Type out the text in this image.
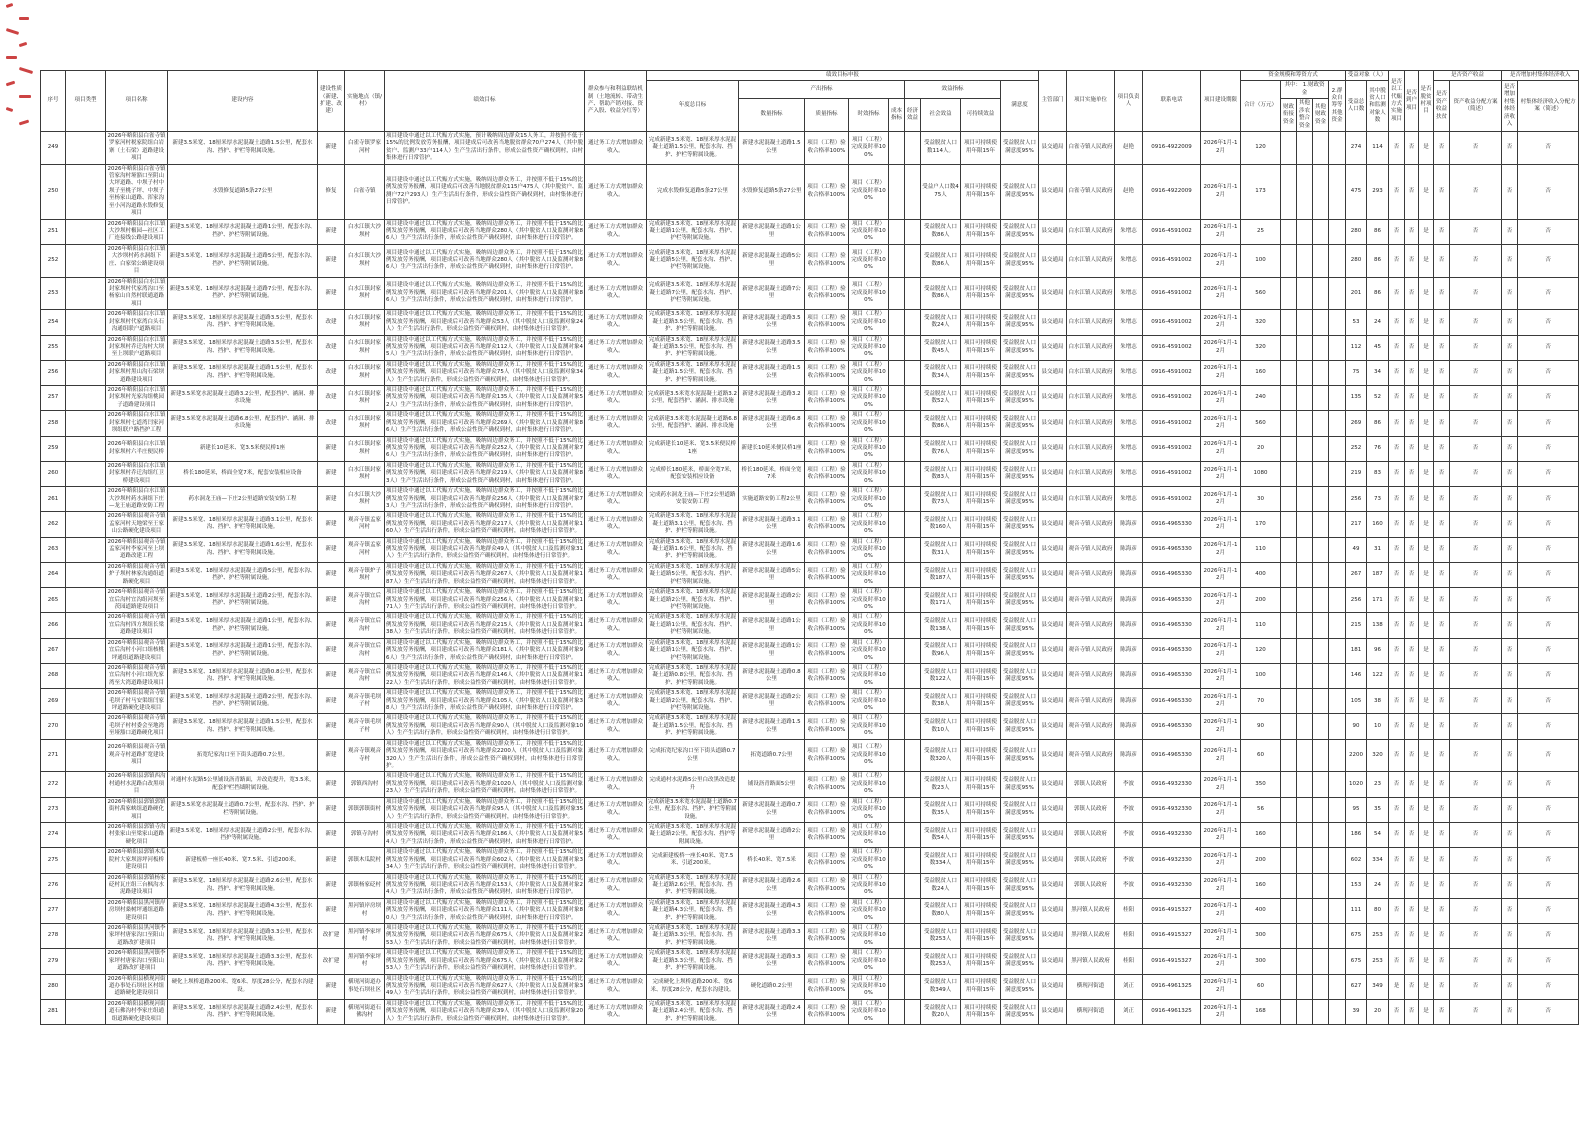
序号	项目类型	项目名称	建设内容	建设性质（新建、扩建、改建）	实施地点（镇/村）	绩效目标	群众参与和利益联结机制（土地流转、带动生产、帮助产销对接、资产入股、收益分红等）	绩效目标申报									主管部门	项目实施单位	项目负责人	联系电话	项目建设期限	资金规模和筹资方式					受益对象（人）		是否以工代赈方式实施项目	是否到户项目	是否脱贫村项目	是否资产收益		是否增加村集体经济收入	
								年度总目标	产出指标				效益指标			满意度						合计（万元）	其中： 1.财政资金			2.群众自筹等其他资金	受益总人口数	其中脱贫人口和监测对象人数				是否资产收益扶贫	资产收益分配方案（简述）	是否增加村集体经济收入	村集体经济收入分配方案（简述）
									数量指标	质量指标	时效指标	成本指标	经济效益	社会效益	可持续效益								财政衔接资金	其他涉农整合资金	其他财政资金										
249		2026年略阳县白雀寺镇罗家河村税家院组白岩寨（土石梁）道路建设项目	新建3.5米宽、18厘米厚水泥混凝土道路1.5公里，配套水沟、挡护、护栏等附属设施。	新建	白雀寺镇罗家河村	项目建设中通过以工代赈方式实施，预计吸纳周边群众15人务工，并按照不低于15%的比例发放劳务报酬，项目建成后可改善当地脱贫群众70户274人（其中脱贫户、监测户33户114人）生产生活出行条件，形成公益性资产确权到村，由村集体进行日常管护。	通过务工方式增加群众收入。	完成新建3.5米宽、18厘米厚水泥混凝土道路1.5公里，配套水沟、挡护、护栏等附属设施。	新建水泥混凝土道路1.5公里	项目（工程）验收合格率100%	项目（工程）完成及时率100%			受益脱贫人口数114人。	项目可持续使用年限15年	受益脱贫人口满意度95%	县交通局	白雀寺镇人民政府	赵艳	0916-4922009	2026年1月-12月	120					274	114	否	否	是	否	否	否	否
250		2026年略阳县白雀寺镇管家沟村垭豁口至阴山大坪道路、中坝子村中坝子至桃子坪、中坝子至杨家山道路、浑家沟至小河沟道路水毁修复项目	水毁修复道路5条27公里	修复	白雀寺镇	项目建设中通过以工代赈方式实施，吸纳周边群众务工，并按照不低于15%的比例发放劳务报酬，项目建成后可改善当地脱贫群众115户475人（其中脱贫户、监测户72户293人）生产生活出行条件，形成公益性资产确权到村，由村集体进行日常管护。	通过务工方式增加群众收入。	完成水毁修复道路5条27公里	水毁修复道路5条27公里	项目（工程）验收合格率100%	项目（工程）完成及时率100%			受益户人口数475人	项目可持续使用年限15年	受益脱贫人口满意度95%	县交通局	白雀寺镇人民政府	赵艳	0916-4922009	2026年1月-12月	173					475	293	否	否	是	否	否	否	否
251		2026年略阳县白水江镇大沙坝村椒园—社区工厂连接线公路建设项目	新建3.5米宽、18厘米厚水泥混凝土道路1公里，配套水沟、挡护、护栏等附属设施。	新建	白水江镇大沙坝村	项目建设中通过以工代赈方式实施，吸纳周边群众务工，并按照不低于15%的比例发放劳务报酬，项目建成后可改善当地群众280人（其中脱贫人口及监测对象86人）生产生活出行条件，形成公益性资产确权到村，由村集体进行日常管护。	通过务工方式增加群众收入。	完成新建3.5米宽、18厘米厚水泥混凝土道路1公里，配套水沟、挡护、护栏等附属设施。	新建水泥混凝土道路1公里	项目（工程）验收合格率100%	项目（工程）完成及时率100%			受益脱贫人口数86人	项目可持续使用年限15年	受益脱贫人口满意度95%	县交通局	白水江镇人民政府	朱增志	0916-4591002	2026年1月-12月	25					280	86	否	否	是	否	否	否	否
252		2026年略阳县白水江镇大沙坝村药水洞组下庄、白家梁公路建设项目	新建3.5米宽、18厘米厚水泥混凝土道路5公里，配套水沟、挡护、护栏等附属设施。	新建	白水江镇大沙坝村	项目建设中通过以工代赈方式实施，吸纳周边群众务工，并按照不低于15%的比例发放劳务报酬，项目建成后可改善当地群众280人（其中脱贫人口及监测对象86人）生产生活出行条件，形成公益性资产确权到村，由村集体进行日常管护。	通过务工方式增加群众收入。	完成新建3.5米宽、18厘米厚水泥混凝土道路5公里，配套水沟、挡护、护栏等附属设施。	新建水泥混凝土道路5公里	项目（工程）验收合格率100%	项目（工程）完成及时率100%			受益脱贫人口数86人	项目可持续使用年限15年	受益脱贫人口满意度95%	县交通局	白水江镇人民政府	朱增志	0916-4591002	2026年1月-12月	100					280	86	否	否	是	否	否	否	否
253		2026年略阳县白水江镇封家坝村代家湾沟口至杨家山自然村联通道路项目	新建3.5米宽、18厘米厚水泥混凝土道路7公里，配套水沟、挡护、护栏等附属设施。	新建	白水江镇封家坝村	项目建设中通过以工代赈方式实施，吸纳周边群众务工，并按照不低于15%的比例发放劳务报酬，项目建成后可改善当地群众201人（其中脱贫人口及监测对象86人）生产生活出行条件，形成公益性资产确权到村，由村集体进行日常管护。	通过务工方式增加群众收入。	完成新建3.5米宽、18厘米厚水泥混凝土道路7公里，配套水沟、挡护、护栏等附属设施。	新建水泥混凝土道路7公里	项目（工程）验收合格率100%	项目（工程）完成及时率100%			受益脱贫人口数86人	项目可持续使用年限15年	受益脱贫人口满意度95%	县交通局	白水江镇人民政府	朱增志	0916-4591002	2026年1月-12月	560					201	86	否	否	是	否	否	否	否
254		2026年略阳县白水江镇封家坝村代家湾白头石沟通组联户道路项目	新建3.5米宽、18厘米厚水泥混凝土道路3.5公里，配套水沟、挡护、护栏等附属设施。	改建	白水江镇封家坝村	项目建设中通过以工代赈方式实施，吸纳周边群众务工，并按照不低于15%的比例发放劳务报酬，项目建成后可改善当地群众53人（其中脱贫人口及监测对象24人）生产生活出行条件，形成公益性资产确权到村，由村集体进行日常管护。	通过务工方式增加群众收入。	完成新建3.5米宽、18厘米厚水泥混凝土道路3.5公里，配套水沟、挡护、护栏等附属设施。	新建水泥混凝土道路3.5公里	项目（工程）验收合格率100%	项目（工程）完成及时率100%			受益脱贫人口数24人	项目可持续使用年限15年	受益脱贫人口满意度95%	县交通局	白水江镇人民政府	朱增志	0916-4591002	2026年1月-12月	320					53	24	否	否	是	否	否	否	否
255		2026年略阳县白水江镇封家坝村乔迁沟村大坝至上坝联户道路项目	新建3.5米宽、18厘米厚水泥混凝土道路3.5公里，配套水沟、挡护、护栏等附属设施。	改建	白水江镇封家坝村	项目建设中通过以工代赈方式实施，吸纳周边群众务工，并按照不低于15%的比例发放劳务报酬，项目建成后可改善当地群众112人（其中脱贫人口及监测对象45人）生产生活出行条件，形成公益性资产确权到村，由村集体进行日常管护。	通过务工方式增加群众收入。	完成新建3.5米宽、18厘米厚水泥混凝土道路3.5公里，配套水沟、挡护、护栏等附属设施。	新建水泥混凝土道路3.5公里	项目（工程）验收合格率100%	项目（工程）完成及时率100%			受益脱贫人口数45人	项目可持续使用年限15年	受益脱贫人口满意度95%	县交通局	白水江镇人民政府	朱增志	0916-4591002	2026年1月-12月	320					112	45	否	否	是	否	否	否	否
256		2026年略阳县白水江镇封家坝村黑山沟石梁坝道路建设项目	新建3.5米宽、18厘米厚水泥混凝土道路1.5公里，配套水沟、挡护、护栏等附属设施。	改建	白水江镇封家坝村	项目建设中通过以工代赈方式实施，吸纳周边群众务工，并按照不低于15%的比例发放劳务报酬，项目建成后可改善当地群众75人（其中脱贫人口及监测对象34人）生产生活出行条件，形成公益性资产确权到村，由村集体进行日常管护。	通过务工方式增加群众收入。	完成新建3.5米宽、18厘米厚水泥混凝土道路1.5公里，配套水沟、挡护、护栏等附属设施。	新建水泥混凝土道路1.5公里	项目（工程）验收合格率100%	项目（工程）完成及时率100%			受益脱贫人口数34人	项目可持续使用年限15年	受益脱贫人口满意度95%	县交通局	白水江镇人民政府	朱增志	0916-4591002	2026年1月-12月	160					75	34	否	否	是	否	否	否	否
257		2026年略阳县白水江镇封家坝村光家沟组桃园子道路建设项目	新建3.5米宽水泥混凝土道路3.2公里，配套挡护、涵洞、排水设施	改建	白水江镇封家坝村	项目建设中通过以工代赈方式实施，吸纳周边群众务工，并按照不低于15%的比例发放劳务报酬，项目建成后可改善当地群众135人（其中脱贫人口及监测对象52人）生产生活出行条件，形成公益性资产确权到村，由村集体进行日常管护。	通过务工方式增加群众收入。	完成新建3.5米宽水泥混凝土道路3.2公里，配套挡护、涵洞、排水设施	新建水泥混凝土道路3.2公里	项目（工程）验收合格率100%	项目（工程）完成及时率100%			受益脱贫人口数52人	项目可持续使用年限15年	受益脱贫人口满意度95%	县交通局	白水江镇人民政府	朱增志	0916-4591002	2026年1月-12月	240					135	52	否	否	是	否	否	否	否
258		2026年略阳县白水江镇封家坝村七道湾闫家河坝组联户路挡护工程	新建3.5米宽水泥混凝土道路6.8公里，配套挡护、涵洞、排水设施	改建	白水江镇封家坝村	项目建设中通过以工代赈方式实施，吸纳周边群众务工，并按照不低于15%的比例发放劳务报酬，项目建成后可改善当地群众269人（其中脱贫人口及监测对象86人）生产生活出行条件，形成公益性资产确权到村，由村集体进行日常管护。	通过务工方式增加群众收入。	完成新建3.5米宽水泥混凝土道路6.8公里，配套挡护、涵洞、排水设施	新建水泥混凝土道路6.8公里	项目（工程）验收合格率100%	项目（工程）完成及时率100%			受益脱贫人口数86人	项目可持续使用年限15年	受益脱贫人口满意度95%	县交通局	白水江镇人民政府	朱增志	0916-4591002	2026年1月-12月	560					269	86	否	否	是	否	否	否	否
259		2026年略阳县白水江镇封家坝村六半庄便民桥	新建长10延米、宽3.5米便民桥1座	新建	白水江镇封家坝村	项目建设中通过以工代赈方式实施，吸纳周边群众务工，并按照不低于15%的比例发放劳务报酬，项目建成后可改善当地群众252人（其中脱贫人口及监测对象76人）生产生活出行条件，形成公益性资产确权到村，由村集体进行日常管护。	通过务工方式增加群众收入。	完成新建长10延米、宽3.5米便民桥1座	新建长10延米便民桥1座	项目（工程）验收合格率100%	项目（工程）完成及时率100%			受益脱贫人口数76人	项目可持续使用年限15年	受益脱贫人口满意度95%	县交通局	白水江镇人民政府	朱增志	0916-4591002	2026年1月-12月	20					252	76	否	否	是	否	否	否	否
260		2026年略阳县白水江镇封家坝村乔迁沟组红卫桥建设项目	桥长180延米，桥面全宽7米，配套安装相应设备	新建	白水江镇封家坝村	项目建设中通过以工代赈方式实施，吸纳周边群众务工，并按照不低于15%的比例发放劳务报酬，项目建成后可改善当地群众219人（其中脱贫人口及监测对象83人）生产生活出行条件，形成公益性资产确权到村，由村集体进行日常管护。	通过务工方式增加群众收入。	完成桥长180延米，桥面全宽7米，配套安装相应设备	桥长180延米，桥面全宽7米	项目（工程）验收合格率100%	项目（工程）完成及时率100%			受益脱贫人口数83人	项目可持续使用年限15年	受益脱贫人口满意度95%	县交通局	白水江镇人民政府	朱增志	0916-4591002	2026年1月-12月	1080					219	83	否	否	是	否	否	否	否
261		2026年略阳县白水江镇大沙坝村药水洞组下庄—龙王庙道路安防工程	药水洞龙王庙—下庄2公里道路安装安防工程	新建	白水江镇大沙坝村	项目建设中通过以工代赈方式实施，吸纳周边群众务工，并按照不低于15%的比例发放劳务报酬，项目建成后可改善当地群众256人（其中脱贫人口及监测对象73人）生产生活出行条件，形成公益性资产确权到村，由村集体进行日常管护。	通过务工方式增加群众收入。	完成药水洞龙王庙—下庄2公里道路安装安防工程	实施道路安防工程2公里	项目（工程）验收合格率100%	项目（工程）完成及时率100%			受益脱贫人口数73人	项目可持续使用年限15年	受益脱贫人口满意度95%	县交通局	白水江镇人民政府	朱增志	0916-4591002	2026年1月-12月	30					256	73	否	否	是	否	否	否	否
262		2026年略阳县观音寺镇孟家河村天地梁至王家山公路硬化建设项目	新建3.5米宽、18厘米厚水泥混凝土道路3.1公里，配套水沟、挡护、护栏等附属设施。	新建	观音寺镇孟家河村	项目建设中通过以工代赈方式实施，吸纳周边群众务工，并按照不低于15%的比例发放劳务报酬，项目建成后可改善当地群众217人（其中脱贫人口及监测对象160人）生产生活出行条件，形成公益性资产确权到村，由村集体进行日常管护。	通过务工方式增加群众收入。	完成新建3.5米宽、18厘米厚水泥混凝土道路3.1公里，配套水沟、挡护、护栏等附属设施。	新建水泥混凝土道路3.1公里	项目（工程）验收合格率100%	项目（工程）完成及时率100%			受益脱贫人口数160人	项目可持续使用年限15年	受益脱贫人口满意度95%	县交通局	观音寺镇人民政府	陈海彦	0916-4965330	2026年1月-12月	170					217	160	否	否	是	否	否	否	否
263		2026年略阳县观音寺镇孟家河村李家河至上坝道路改建工程	新建3.5米宽、18厘米厚水泥混凝土道路1.6公里，配套水沟、挡护、护栏等附属设施。	新建	观音寺镇孟家河村	项目建设中通过以工代赈方式实施，吸纳周边群众务工，并按照不低于15%的比例发放劳务报酬，项目建成后可改善当地群众49人（其中脱贫人口及监测对象31人）生产生活出行条件，形成公益性资产确权到村，由村集体进行日常管护。	通过务工方式增加群众收入。	完成新建3.5米宽、18厘米厚水泥混凝土道路1.6公里，配套水沟、挡护、护栏等附属设施。	新建水泥混凝土道路1.6公里	项目（工程）验收合格率100%	项目（工程）完成及时率100%			受益脱贫人口数31人	项目可持续使用年限15年	受益脱贫人口满意度95%	县交通局	观音寺镇人民政府	陈海彦	0916-4965330	2026年1月-12月	110					49	31	否	否	是	否	否	否	否
264		2026年略阳县观音寺镇炉子坝村林家沟通组道路硬化项目	新建3.5米宽、18厘米厚水泥混凝土道路5公里，配套水沟、挡护、护栏等附属设施。	新建	观音寺镇炉子坝村	项目建设中通过以工代赈方式实施，吸纳周边群众务工，并按照不低于15%的比例发放劳务报酬，项目建成后可改善当地群众267人（其中脱贫人口及监测对象187人）生产生活出行条件，形成公益性资产确权到村，由村集体进行日常管护。	通过务工方式增加群众收入。	完成新建3.5米宽、18厘米厚水泥混凝土道路5公里，配套水沟、挡护、护栏等附属设施。	新建水泥混凝土道路5公里	项目（工程）验收合格率100%	项目（工程）完成及时率100%			受益脱贫人口数187人	项目可持续使用年限15年	受益脱贫人口满意度95%	县交通局	观音寺镇人民政府	陈海彦	0916-4965330	2026年1月-12月	400					267	187	否	否	是	否	否	否	否
265		2026年略阳县观音寺镇宜后沟村宜沟组河坝至茨园道路建设项目	新建3.5米宽、18厘米厚水泥混凝土道路2公里，配套水沟、挡护、护栏等附属设施。	新建	观音寺镇宜后沟村	项目建设中通过以工代赈方式实施，吸纳周边群众务工，并按照不低于15%的比例发放劳务报酬，项目建成后可改善当地群众256人（其中脱贫人口及监测对象171人）生产生活出行条件，形成公益性资产确权到村，由村集体进行日常管护。	通过务工方式增加群众收入。	完成新建3.5米宽、18厘米厚水泥混凝土道路2公里，配套水沟、挡护、护栏等附属设施。	新建水泥混凝土道路2公里	项目（工程）验收合格率100%	项目（工程）完成及时率100%			受益脱贫人口数171人	项目可持续使用年限15年	受益脱贫人口满意度95%	县交通局	观音寺镇人民政府	陈海彦	0916-4965330	2026年1月-12月	200					256	171	否	否	是	否	否	否	否
266		2026年略阳县观音寺镇宜后沟村四方坝组长梁道路建设项目	新建3.5米宽、18厘米厚水泥混凝土道路1公里，配套水沟、挡护、护栏等附属设施。	新建	观音寺镇宜后沟村	项目建设中通过以工代赈方式实施，吸纳周边群众务工，并按照不低于15%的比例发放劳务报酬，项目建成后可改善当地群众215人（其中脱贫人口及监测对象138人）生产生活出行条件，形成公益性资产确权到村，由村集体进行日常管护。	通过务工方式增加群众收入。	完成新建3.5米宽、18厘米厚水泥混凝土道路1公里，配套水沟、挡护、护栏等附属设施。	新建水泥混凝土道路1公里	项目（工程）验收合格率100%	项目（工程）完成及时率100%			受益脱贫人口数138人	项目可持续使用年限15年	受益脱贫人口满意度95%	县交通局	观音寺镇人民政府	陈海彦	0916-4965330	2026年1月-12月	110					215	138	否	否	是	否	否	否	否
267		2026年略阳县观音寺镇宜后沟村小河口组核桃坪通组道路建设项目	新建3.5米宽、18厘米厚水泥混凝土道路1公里，配套水沟、挡护、护栏等附属设施。	新建	观音寺镇宜后沟村	项目建设中通过以工代赈方式实施，吸纳周边群众务工，并按照不低于15%的比例发放劳务报酬，项目建成后可改善当地群众181人（其中脱贫人口及监测对象96人）生产生活出行条件，形成公益性资产确权到村，由村集体进行日常管护。	通过务工方式增加群众收入。	完成新建3.5米宽、18厘米厚水泥混凝土道路1公里，配套水沟、挡护、护栏等附属设施。	新建水泥混凝土道路1公里	项目（工程）验收合格率100%	项目（工程）完成及时率100%			受益脱贫人口数96人	项目可持续使用年限15年	受益脱贫人口满意度95%	县交通局	观音寺镇人民政府	陈海彦	0916-4965330	2026年1月-12月	120					181	96	否	否	是	否	否	否	否
268		2026年略阳县观音寺镇宜后沟村小河口组先家湾至大湾道路建设项目	新建3.5米宽、18厘米厚水泥混凝土道路0.8公里，配套水沟、挡护、护栏等附属设施。	新建	观音寺镇宜后沟村	项目建设中通过以工代赈方式实施，吸纳周边群众务工，并按照不低于15%的比例发放劳务报酬，项目建成后可改善当地群众146人（其中脱贫人口及监测对象122人）生产生活出行条件，形成公益性资产确权到村，由村集体进行日常管护。	通过务工方式增加群众收入。	完成新建3.5米宽、18厘米厚水泥混凝土道路0.8公里，配套水沟、挡护、护栏等附属设施。	新建水泥混凝土道路0.8公里	项目（工程）验收合格率100%	项目（工程）完成及时率100%			受益脱贫人口数122人	项目可持续使用年限15年	受益脱贫人口满意度95%	县交通局	观音寺镇人民政府	陈海彦	0916-4965330	2026年1月-12月	100					146	122	否	否	是	否	否	否	否
269		2026年略阳县观音寺镇毛坝子村马安渠组闫家坪道路硬化建设项目	新建3.5米宽、18厘米厚水泥混凝土道路2公里，配套水沟、挡护、护栏等附属设施。	新建	观音寺镇毛坝子村	项目建设中通过以工代赈方式实施，吸纳周边群众务工，并按照不低于15%的比例发放劳务报酬，项目建成后可改善当地群众105人（其中脱贫人口及监测对象38人）生产生活出行条件，形成公益性资产确权到村，由村集体进行日常管护。	通过务工方式增加群众收入。	完成新建3.5米宽、18厘米厚水泥混凝土道路2公里，配套水沟、挡护、护栏等附属设施。	新建水泥混凝土道路2公里	项目（工程）验收合格率100%	项目（工程）完成及时率100%			受益脱贫人口数38人	项目可持续使用年限15年	受益脱贫人口满意度95%	县交通局	观音寺镇人民政府	陈海彦	0916-4965330	2026年1月-12月	70					105	38	否	否	是	否	否	否	否
270		2026年略阳县观音寺镇毛坝子村村委会至地湾至垭豁口道路硬化项目	新建3.5米宽、18厘米厚水泥混凝土道路1.5公里，配套水沟、挡护、护栏等附属设施。	新建	观音寺镇毛坝子村	项目建设中通过以工代赈方式实施，吸纳周边群众务工，并按照不低于15%的比例发放劳务报酬，项目建成后可改善当地群众90人（其中脱贫人口及监测对象10人）生产生活出行条件，形成公益性资产确权到村，由村集体进行日常管护。	通过务工方式增加群众收入。	完成新建3.5米宽、18厘米厚水泥混凝土道路1.5公里，配套水沟、挡护、护栏等附属设施。	新建水泥混凝土道路1.5公里	项目（工程）验收合格率100%	项目（工程）完成及时率100%			受益脱贫人口数10人	项目可持续使用年限15年	受益脱贫人口满意度95%	县交通局	观音寺镇人民政府	陈海彦	0916-4965330	2026年1月-12月	90					90	10	否	否	是	否	否	否	否
271		2026年略阳县观音寺镇观音寺村道路扩宽建设项目	拓宽纪家沟口至下街头道路0.7公里。	新建	观音寺镇观音寺村	项目建设中通过以工代赈方式实施，吸纳周边群众务工，并按照不低于15%的比例发放劳务报酬，项目建成后可改善当地群众2200人（其中脱贫人口及监测对象320人）生产生活出行条件，形成公益性资产确权到村，由村集体进行日常管护。	通过务工方式增加群众收入。	完成拓宽纪家沟口至下街头道路0.7公里	拓宽道路0.7公里	项目（工程）验收合格率100%	项目（工程）完成及时率100%			受益脱贫人口数320人	项目可持续使用年限15年	受益脱贫人口满意度95%	县交通局	观音寺镇人民政府	陈海彦	0916-4965330	2026年1月-12月	60					2200	320	否	否	是	否	否	否	否
272		2026年略阳县郭镇西沟村通村水泥路白改黑项目	对通村水泥路5公里铺设沥青路面，并改造提升，宽3.5米，配套护栏挡墙附属设施。	新建	郭镇西沟村	项目建设中通过以工代赈方式实施，吸纳周边群众务工，并按照不低于15%的比例发放劳务报酬，项目建成后可改善当地群众1020人（其中脱贫人口及监测对象23人）生产生活出行条件，形成公益性资产确权到村，由村集体进行日常管护。	通过务工方式增加群众收入。	完成通村水泥路5公里白改黑改造提升	铺设沥青路面5公里	项目（工程）验收合格率100%	项目（工程）完成及时率100%			受益脱贫人口数23人	项目可持续使用年限15年	受益脱贫人口满意度95%	县交通局	郭镇人民政府	李波	0916-4932330	2026年1月-12月	350					1020	23	否	否	是	否	否	否	否
273		2026年略阳县郭镇郭镇街村禹家峡组道路硬化项目	新建3.5米宽水泥混凝土道路0.7公里，配套水沟、挡护、护栏等附属设施。	新建	郭镇郭镇街村	项目建设中通过以工代赈方式实施，吸纳周边群众务工，并按照不低于15%的比例发放劳务报酬，项目建成后可改善当地群众95人（其中脱贫人口及监测对象35人）生产生活出行条件，形成公益性资产确权到村，由村集体进行日常管护。	通过务工方式增加群众收入。	完成新建3.5米宽水泥混凝土道路0.7公里，配套水沟、挡护、护栏等附属设施。	新建水泥混凝土道路0.7公里	项目（工程）验收合格率100%	项目（工程）完成及时率100%			受益脱贫人口数35人	项目可持续使用年限15年	受益脱贫人口满意度95%	县交通局	郭镇人民政府	李波	0916-4932330	2026年1月-12月	56					95	35	否	否	是	否	否	否	否
274		2026年略阳县郭镇寺沟村张家山至梁家山道路硬化项目	新建3.5米宽、18厘米厚水泥混凝土道路2公里，配套水沟、挡护等附属设施。	新建	郭镇寺沟村	项目建设中通过以工代赈方式实施，吸纳周边群众务工，并按照不低于15%的比例发放劳务报酬，项目建成后可改善当地群众186人（其中脱贫人口及监测对象54人）生产生活出行条件，形成公益性资产确权到村，由村集体进行日常管护。	通过务工方式增加群众收入。	完成新建3.5米宽、18厘米厚水泥混凝土道路2公里，配套水沟、挡护等附属设施。	新建水泥混凝土道路2公里	项目（工程）验收合格率100%	项目（工程）完成及时率100%			受益脱贫人口数54人	项目可持续使用年限15年	受益脱贫人口满意度95%	县交通局	郭镇人民政府	李波	0916-4932330	2026年1月-12月	160					186	54	否	否	是	否	否	否	否
275		2026年略阳县郭镇木瓜院村大家坝溶坪河板桥建设项目	新建板桥一座长40米、宽7.5米、引道200米。	新建	郭镇木瓜院村	项目建设中通过以工代赈方式实施，吸纳周边群众务工，并按照不低于15%的比例发放劳务报酬，项目建成后可改善当地群众602人（其中脱贫人口及监测对象334人）生产生活出行条件，形成公益性资产确权到村，由村集体进行日常管护。	通过务工方式增加群众收入。	完成新建板桥一座长40米、宽7.5米、引道200米。	桥长40米、宽7.5米	项目（工程）验收合格率100%	项目（工程）完成及时率100%			受益脱贫人口数334人	项目可持续使用年限15年	受益脱贫人口满意度95%	县交通局	郭镇人民政府	李波	0916-4932330	2026年1月-12月	200					602	334	否	否	是	否	否	否	否
276		2026年略阳县郭镇杨家砭村瓦庄组三台枫沟水泥路建设项目	新建3.5米宽、18厘米厚水泥混凝土道路2.6公里，配套水沟、挡护、护栏等附属设施。	新建	郭镇杨家砭村	项目建设中通过以工代赈方式实施，吸纳周边群众务工，并按照不低于15%的比例发放劳务报酬，项目建成后可改善当地群众153人（其中脱贫人口及监测对象24人）生产生活出行条件，形成公益性资产确权到村，由村集体进行日常管护。	通过务工方式增加群众收入。	完成新建3.5米宽、18厘米厚水泥混凝土道路2.6公里，配套水沟、挡护、护栏等附属设施。	新建水泥混凝土道路2.6公里	项目（工程）验收合格率100%	项目（工程）完成及时率100%			受益脱贫人口数24人	项目可持续使用年限15年	受益脱贫人口满意度95%	县交通局	郭镇人民政府	李波	0916-4932330	2026年1月-12月	160					153	24	否	否	是	否	否	否	否
277		2026年略阳县黑河镇岸房坝村桑树坪通组道路建设项目	新建3.5米宽、18厘米厚水泥混凝土道路4.3公里，配套水沟、挡护、护栏等附属设施。	新建	黑河镇岸房坝村	项目建设中通过以工代赈方式实施，吸纳周边群众务工，并按照不低于15%的比例发放劳务报酬，项目建成后可改善当地群众111人（其中脱贫人口及监测对象80人）生产生活出行条件，形成公益性资产确权到村，由村集体进行日常管护。	通过务工方式增加群众收入。	完成新建3.5米宽、18厘米厚水泥混凝土道路4.3公里，配套水沟、挡护、护栏等附属设施。	新建水泥混凝土道路4.3公里	项目（工程）验收合格率100%	项目（工程）完成及时率100%			受益脱贫人口数80人	项目可持续使用年限15年	受益脱贫人口满意度95%	县交通局	黑河镇人民政府	桂阳	0916-4915327	2026年1月-12月	400					111	80	否	否	是	否	否	否	否
278		2026年略阳县黑河镇李家坪村唐家沟口至阳山道路改扩建项目	新建3.5米宽、18厘米厚水泥混凝土道路3.3公里，配套水沟、挡护、护栏等附属设施。	改扩建	黑河镇李家坪村	项目建设中通过以工代赈方式实施，吸纳周边群众务工，并按照不低于15%的比例发放劳务报酬，项目建成后可改善当地群众675人（其中脱贫人口及监测对象253人）生产生活出行条件，形成公益性资产确权到村，由村集体进行日常管护。	通过务工方式增加群众收入。	完成新建3.5米宽、18厘米厚水泥混凝土道路3.3公里，配套水沟、挡护、护栏等附属设施。	新建水泥混凝土道路3.3公里	项目（工程）验收合格率100%	项目（工程）完成及时率100%			受益脱贫人口数253人	项目可持续使用年限15年	受益脱贫人口满意度95%	县交通局	黑河镇人民政府	桂阳	0916-4915327	2026年1月-12月	300					675	253	否	否	是	否	否	否	否
279		2026年略阳县黑河镇李家坪村唐家沟口至阳山道路改扩建项目	新建3.5米宽、18厘米厚水泥混凝土道路3.3公里，配套水沟、挡护、护栏等附属设施。	改扩建	黑河镇李家坪村	项目建设中通过以工代赈方式实施，吸纳周边群众务工，并按照不低于15%的比例发放劳务报酬，项目建成后可改善当地群众675人（其中脱贫人口及监测对象253人）生产生活出行条件，形成公益性资产确权到村，由村集体进行日常管护。	通过务工方式增加群众收入。	完成新建3.5米宽、18厘米厚水泥混凝土道路3.3公里，配套水沟、挡护、护栏等附属设施。	新建水泥混凝土道路3.3公里	项目（工程）验收合格率100%	项目（工程）完成及时率100%			受益脱贫人口数253人	项目可持续使用年限15年	受益脱贫人口满意度95%	县交通局	黑河镇人民政府	桂阳	0916-4915327	2026年1月-12月	300					675	253	否	否	是	否	否	否	否
280		2026年略阳县横现河街道办事处石坝社区村组道路硬化建设项目	硬化上坝桥道路200米、宽6米、厚度28公分，配套水沟建设。	新建	横现河街道办事处石坝社区	项目建设中通过以工代赈方式实施，吸纳周边群众务工，并按照不低于15%的比例发放劳务报酬，项目建成后可改善当地群众627人（其中脱贫人口及监测对象349人）生产生活出行条件，形成公益性资产确权到村，由村集体进行日常管护。	通过务工方式增加群众收入。	完成硬化上坝桥道路200米、宽6米、厚度28公分，配套水沟建设。	硬化道路0.2公里	项目（工程）验收合格率100%	项目（工程）完成及时率100%			受益脱贫人口数349人	项目可持续使用年限15年	受益脱贫人口满意度95%	县交通局	横现河街道	刘正	0916-4961325	2026年1月-12月	60					627	349	是	否	是	否	否	否	否
281		2026年略阳县横现河街道石佛沟村李家庄组通组道路硬化建设项目	新建3.5米宽、18厘米厚水泥混凝土道路2.4公里，配套水沟、挡护、护栏等附属设施。	新建	横现河街道石佛沟村	项目建设中通过以工代赈方式实施，吸纳周边群众务工，并按照不低于15%的比例发放劳务报酬，项目建成后可改善当地群众39人（其中脱贫人口及监测对象20人）生产生活出行条件，形成公益性资产确权到村，由村集体进行日常管护。	通过务工方式增加群众收入。	完成新建3.5米宽、18厘米厚水泥混凝土道路2.4公里，配套水沟、挡护、护栏等附属设施。	新建水泥混凝土道路2.4公里	项目（工程）验收合格率100%	项目（工程）完成及时率100%			受益脱贫人口数20人	项目可持续使用年限15年	受益脱贫人口满意度95%	县交通局	横现河街道	刘正	0916-4961325	2026年1月-12月	168					39	20	否	否	是	否	否	否	否
